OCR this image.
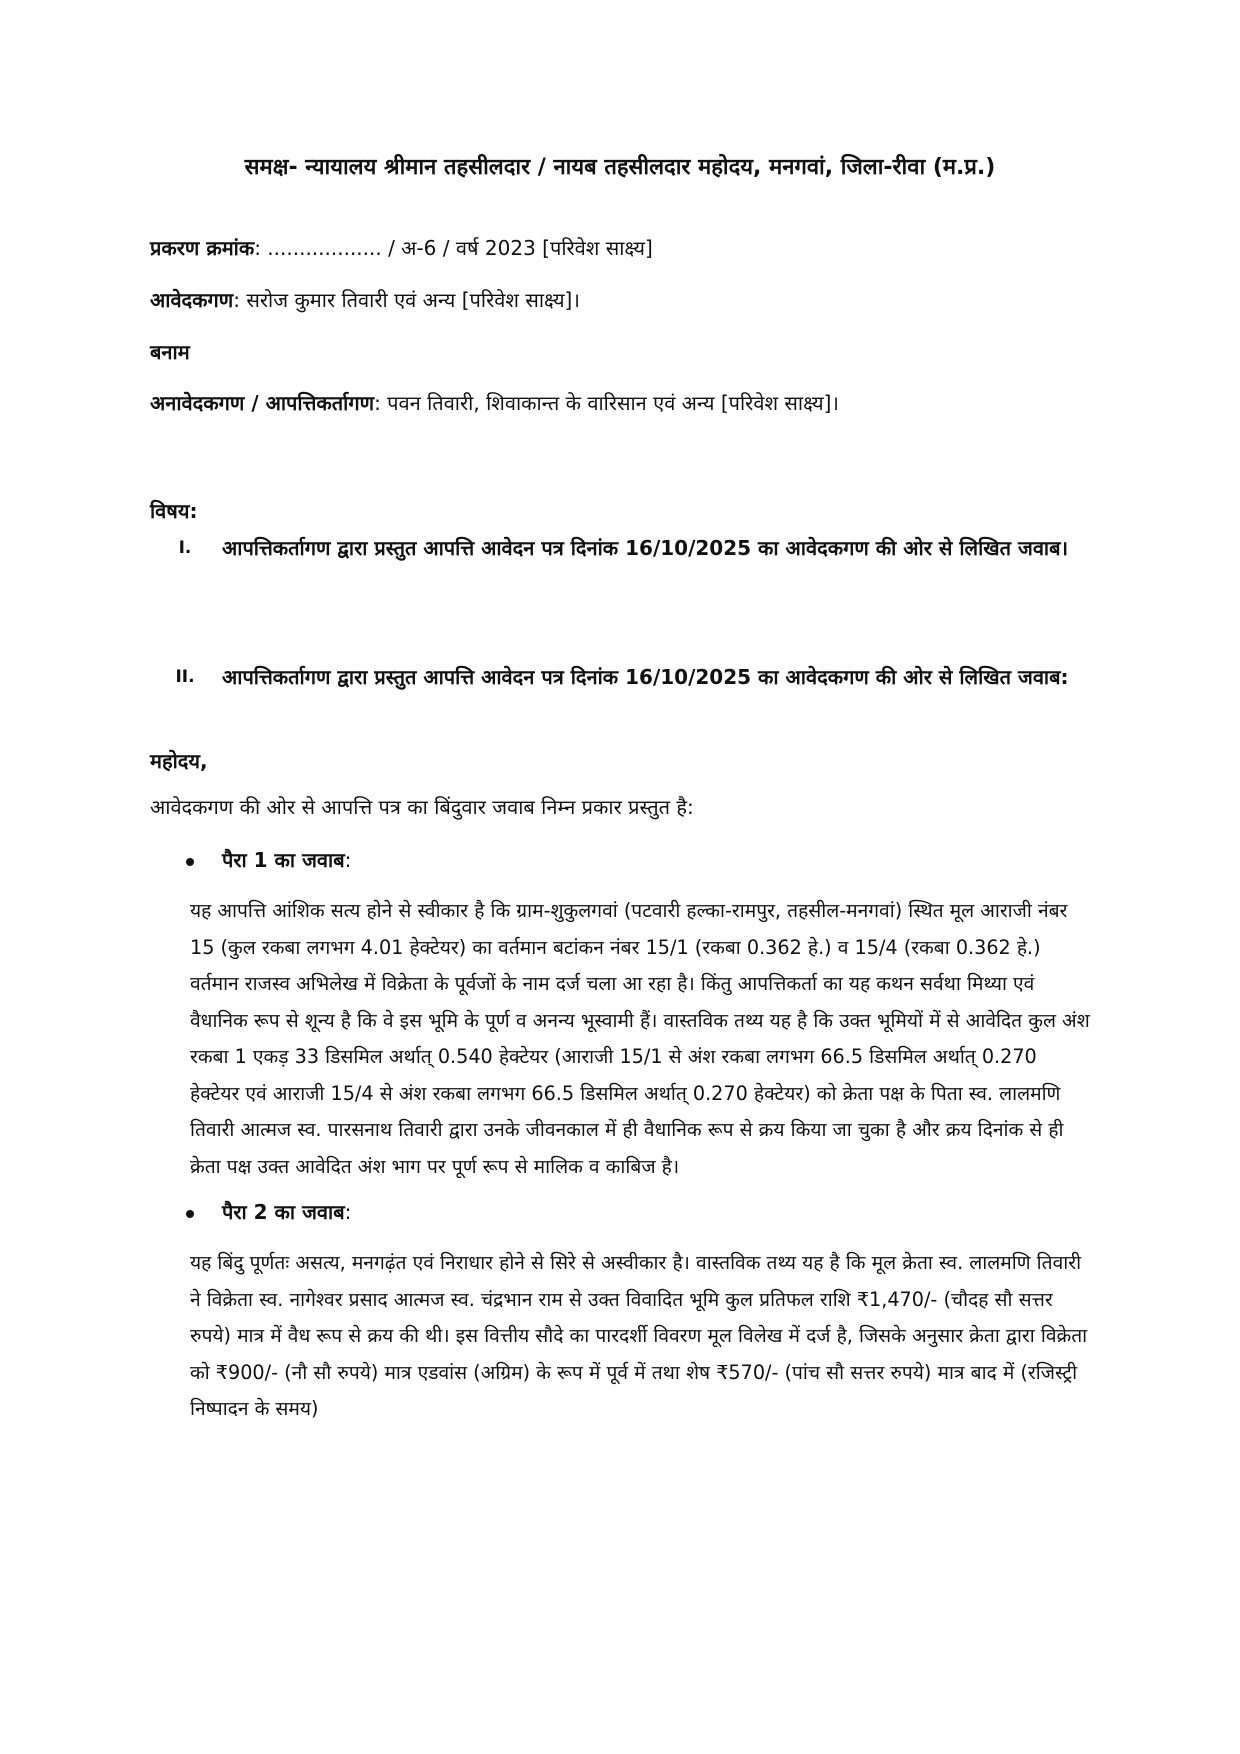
समक्ष- न्यायालय श्रीमान तहसीलदार / नायब तहसीलदार महोदय, मनगवां, जिला-रीवा (म.प्र.)
प्रकरण क्रमांक: .................. / अ-6 / वर्ष 2023 [परिवेश साक्ष्य]
आवेदकगण: सरोज कुमार तिवारी एवं अन्य [परिवेश साक्ष्य]।
बनाम
अनावेदकगण / आपत्तिकर्तागण: पवन तिवारी, शिवाकान्त के वारिसान एवं अन्य [परिवेश साक्ष्य]।
विषय:
I.	आपत्तिकर्तागण द्वारा प्रस्तुत आपत्ति आवेदन पत्र दिनांक 16/10/2025 का आवेदकगण की ओर से लिखित जवाब।
II.	आपत्तिकर्तागण द्वारा प्रस्तुत आपत्ति आवेदन पत्र दिनांक 16/10/2025 का आवेदकगण की ओर से लिखित जवाब:
महोदय,
आवेदकगण की ओर से आपत्ति पत्र का बिंदुवार जवाब निम्न प्रकार प्रस्तुत है:
पैरा 1 का जवाब:
यह आपत्ति आंशिक सत्य होने से स्वीकार है कि ग्राम-शुकुलगवां (पटवारी हल्का-रामपुर, तहसील-मनगवां) स्थित मूल आराजी नंबर 15 (कुल रकबा लगभग 4.01 हेक्टेयर) का वर्तमान बटांकन नंबर 15/1 (रकबा 0.362 हे.) व 15/4 (रकबा 0.362 हे.) वर्तमान राजस्व अभिलेख में विक्रेता के पूर्वजों के नाम दर्ज चला आ रहा है। किंतु आपत्तिकर्ता का यह कथन सर्वथा मिथ्या एवं वैधानिक रूप से शून्य है कि वे इस भूमि के पूर्ण व अनन्य भूस्वामी हैं। वास्तविक तथ्य यह है कि उक्त भूमियों में से आवेदित कुल अंश रकबा 1 एकड़ 33 डिसमिल अर्थात् 0.540 हेक्टेयर (आराजी 15/1 से अंश रकबा लगभग 66.5 डिसमिल अर्थात् 0.270 हेक्टेयर एवं आराजी 15/4 से अंश रकबा लगभग 66.5 डिसमिल अर्थात् 0.270 हेक्टेयर) को क्रेता पक्ष के पिता स्व. लालमणि तिवारी आत्मज स्व. पारसनाथ तिवारी द्वारा उनके जीवनकाल में ही वैधानिक रूप से क्रय किया जा चुका है और क्रय दिनांक से ही क्रेता पक्ष उक्त आवेदित अंश भाग पर पूर्ण रूप से मालिक व काबिज है।
पैरा 2 का जवाब:
यह बिंदु पूर्णतः असत्य, मनगढ़ंत एवं निराधार होने से सिरे से अस्वीकार है। वास्तविक तथ्य यह है कि मूल क्रेता स्व. लालमणि तिवारी ने विक्रेता स्व. नागेश्वर प्रसाद आत्मज स्व. चंद्रभान राम से उक्त विवादित भूमि कुल प्रतिफल राशि ₹1,470/- (चौदह सौ सत्तर रुपये) मात्र में वैध रूप से क्रय की थी। इस वित्तीय सौदे का पारदर्शी विवरण मूल विलेख में दर्ज है, जिसके अनुसार क्रेता द्वारा विक्रेता को ₹900/- (नौ सौ रुपये) मात्र एडवांस (अग्रिम) के रूप में पूर्व में तथा शेष ₹570/- (पांच सौ सत्तर रुपये) मात्र बाद में (रजिस्ट्री निष्पादन के समय)
